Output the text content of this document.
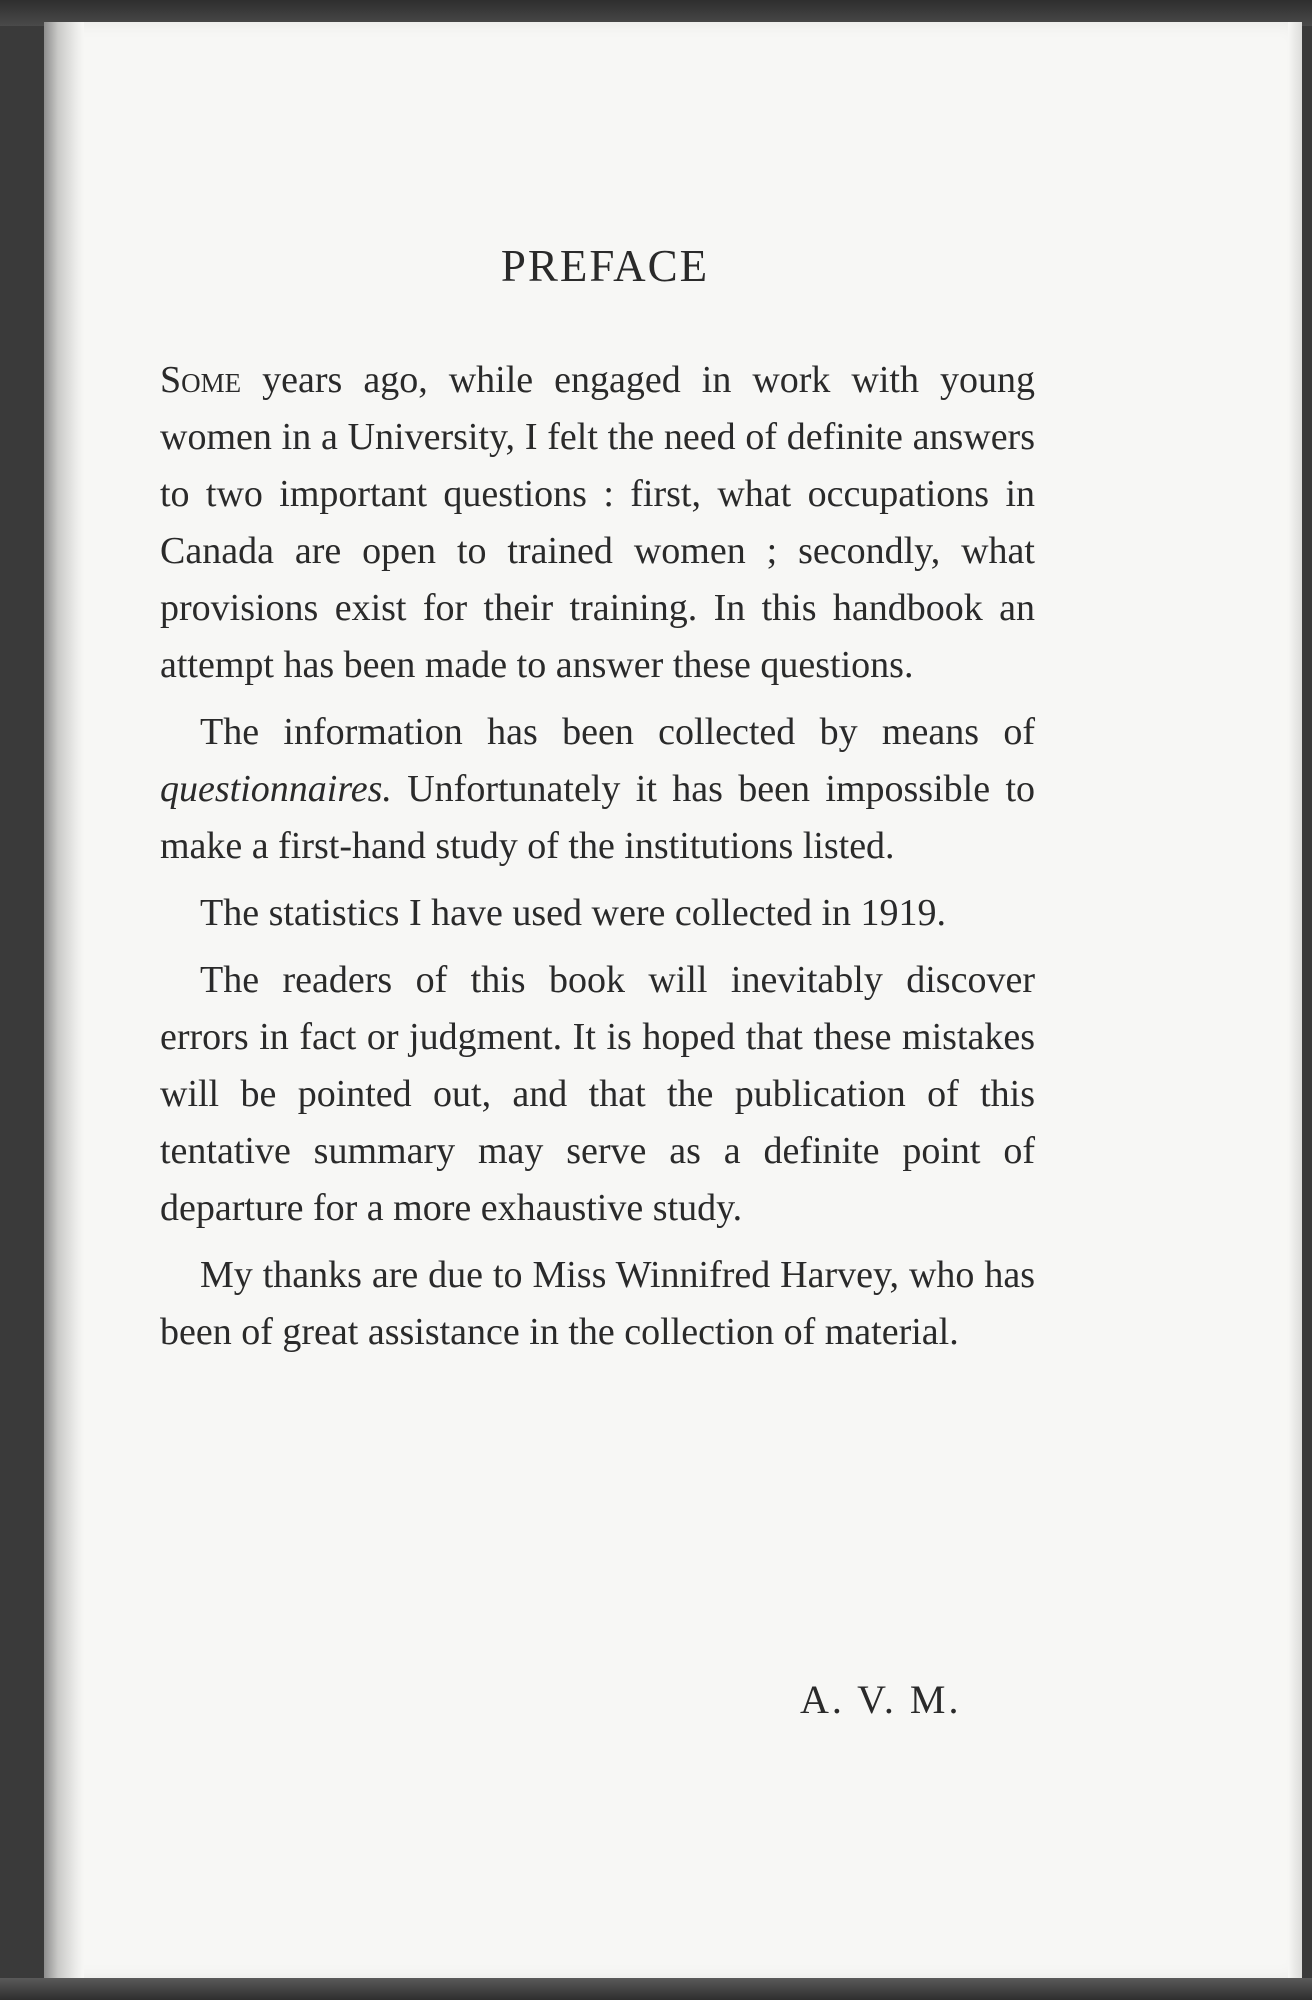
PREFACE

Some years ago, while engaged in work with young women in a University, I felt the need of definite answers to two important questions : first, what occupations in Canada are open to trained women ; secondly, what provisions exist for their training. In this handbook an attempt has been made to answer these questions.

The information has been collected by means of questionnaires. Unfortunately it has been impossible to make a first-hand study of the institutions listed.

The statistics I have used were collected in 1919.

The readers of this book will inevitably discover errors in fact or judgment. It is hoped that these mistakes will be pointed out, and that the publication of this tentative summary may serve as a definite point of departure for a more exhaustive study.

My thanks are due to Miss Winnifred Harvey, who has been of great assistance in the collection of material.

A. V. M.
